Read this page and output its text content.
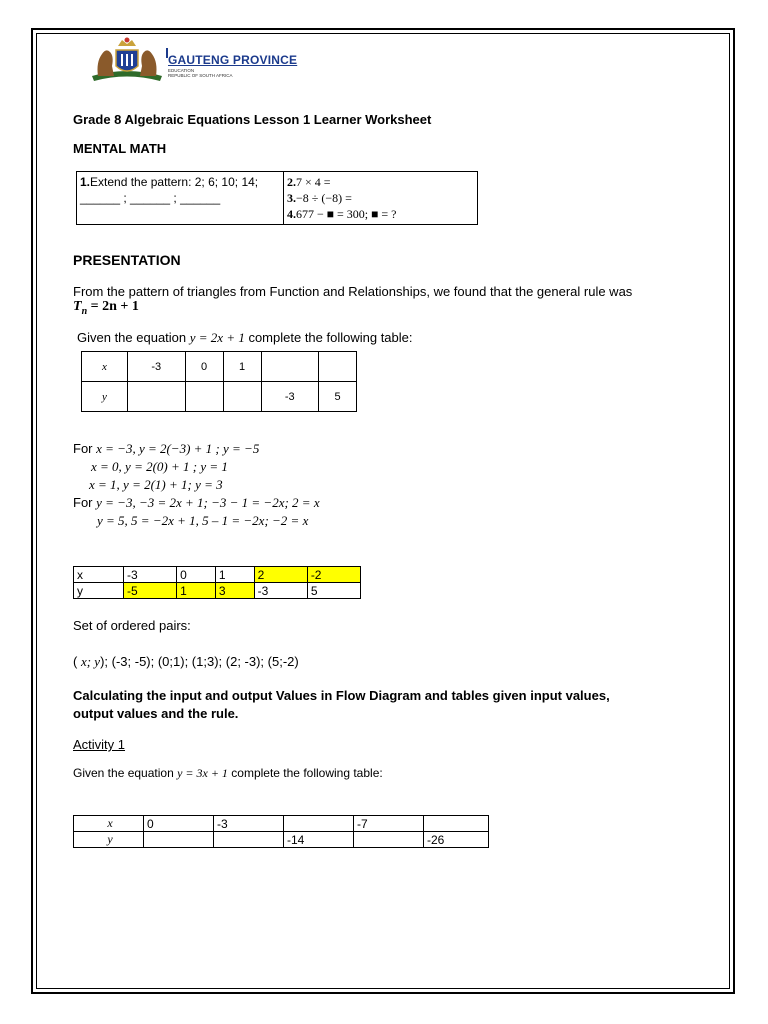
GAUTENG PROVINCE
EDUCATION
REPUBLIC OF SOUTH AFRICA
Grade 8 Algebraic Equations Lesson 1 Learner Worksheet
MENTAL MATH
1.Extend the pattern: 2; 6; 10; 14;
______ ; ______ ; ______	2.7 × 4 =
3.−8 ÷ (−8) =
4.677 − ■ = 300; ■ = ?
PRESENTATION
From the pattern of triangles from Function and Relationships, we found that the general rule was
$T_n = 2n + 1$
Given the equation y = 2x + 1 complete the following table:
x	-3	0	1		
y				-3	5
For x = −3, y = 2(−3) + 1 ; y = −5
x = 0, y = 2(0) + 1 ; y = 1
x = 1, y = 2(1) + 1; y = 3
For y = −3, −3 = 2x + 1; −3 − 1 = −2x; 2 = x
y = 5, 5 = −2x + 1, 5 – 1 = −2x; −2 = x
x	-3	0	1	2	-2
y	-5	1	3	-3	5
Set of ordered pairs:
( x; y); (-3; -5); (0;1); (1;3); (2; -3); (5;-2)
Calculating the input and output Values in Flow Diagram and tables given input values,
output values and the rule.
Activity 1
Given the equation y = 3x + 1 complete the following table:
x	0	-3		-7	
y			-14		-26
